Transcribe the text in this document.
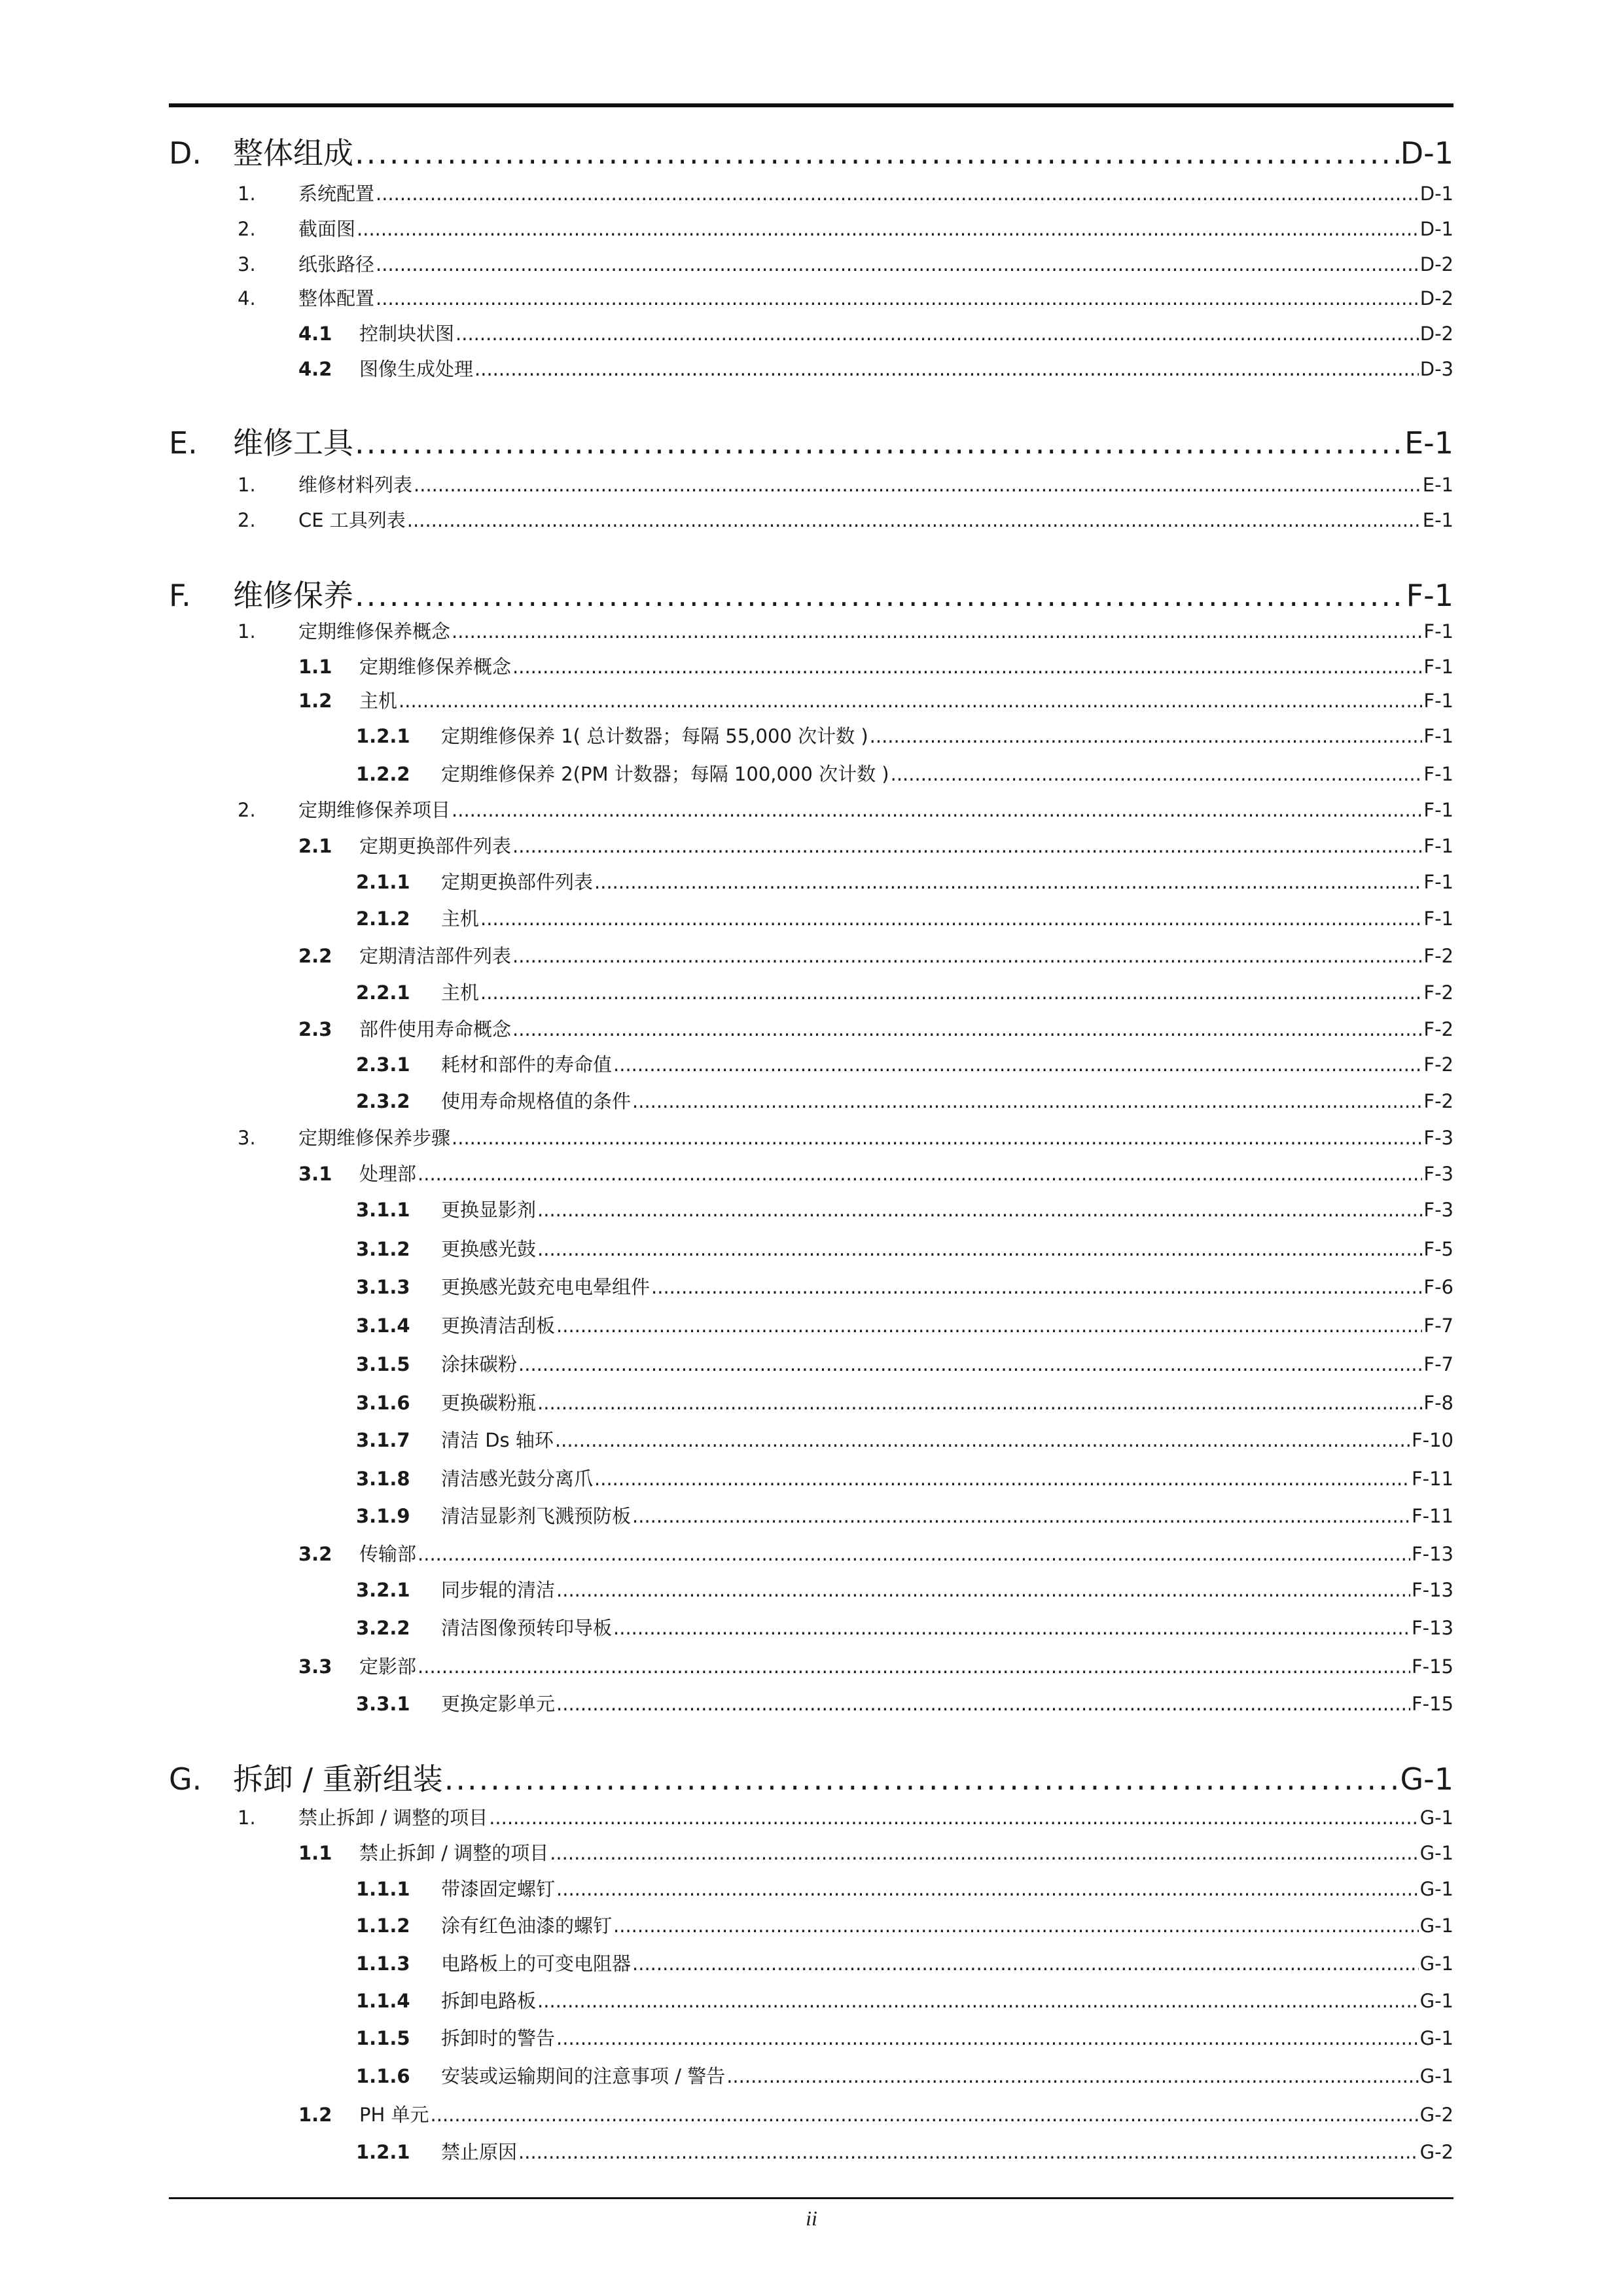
D.	整体组成 .....	D-1
1.	系统配置 .....	D-1
2.	截面图 .....	D-1
3.	纸张路径 .....	D-2
4.	整体配置 .....	D-2
4.1	控制块状图 .....	D-2
4.2	图像生成处理 .....	D-3
E.	维修工具 .....	E-1
1.	维修材料列表 .....	E-1
2.	CE 工具列表 .....	E-1
F.	维修保养 .....	F-1
1.	定期维修保养概念 .....	F-1
1.1	定期维修保养概念 .....	F-1
1.2	主机 .....	F-1
1.2.1	定期维修保养 1( 总计数器；每隔 55,000 次计数 ) .....	F-1
1.2.2	定期维修保养 2(PM 计数器；每隔 100,000 次计数 ) .....	F-1
2.	定期维修保养项目 .....	F-1
2.1	定期更换部件列表 .....	F-1
2.1.1	定期更换部件列表 .....	F-1
2.1.2	主机 .....	F-1
2.2	定期清洁部件列表 .....	F-2
2.2.1	主机 .....	F-2
2.3	部件使用寿命概念 .....	F-2
2.3.1	耗材和部件的寿命值 .....	F-2
2.3.2	使用寿命规格值的条件 .....	F-2
3.	定期维修保养步骤 .....	F-3
3.1	处理部 .....	F-3
3.1.1	更换显影剂 .....	F-3
3.1.2	更换感光鼓 .....	F-5
3.1.3	更换感光鼓充电电晕组件 .....	F-6
3.1.4	更换清洁刮板 .....	F-7
3.1.5	涂抹碳粉 .....	F-7
3.1.6	更换碳粉瓶 .....	F-8
3.1.7	清洁 Ds 轴环 .....	F-10
3.1.8	清洁感光鼓分离爪 .....	F-11
3.1.9	清洁显影剂飞溅预防板 .....	F-11
3.2	传输部 .....	F-13
3.2.1	同步辊的清洁 .....	F-13
3.2.2	清洁图像预转印导板 .....	F-13
3.3	定影部 .....	F-15
3.3.1	更换定影单元 .....	F-15
G.	拆卸 / 重新组装 .....	G-1
1.	禁止拆卸 / 调整的项目 .....	G-1
1.1	禁止拆卸 / 调整的项目 .....	G-1
1.1.1	带漆固定螺钉 .....	G-1
1.1.2	涂有红色油漆的螺钉 .....	G-1
1.1.3	电路板上的可变电阻器 .....	G-1
1.1.4	拆卸电路板 .....	G-1
1.1.5	拆卸时的警告 .....	G-1
1.1.6	安装或运输期间的注意事项 / 警告 .....	G-1
1.2	PH 单元 .....	G-2
1.2.1	禁止原因 .....	G-2
ii
